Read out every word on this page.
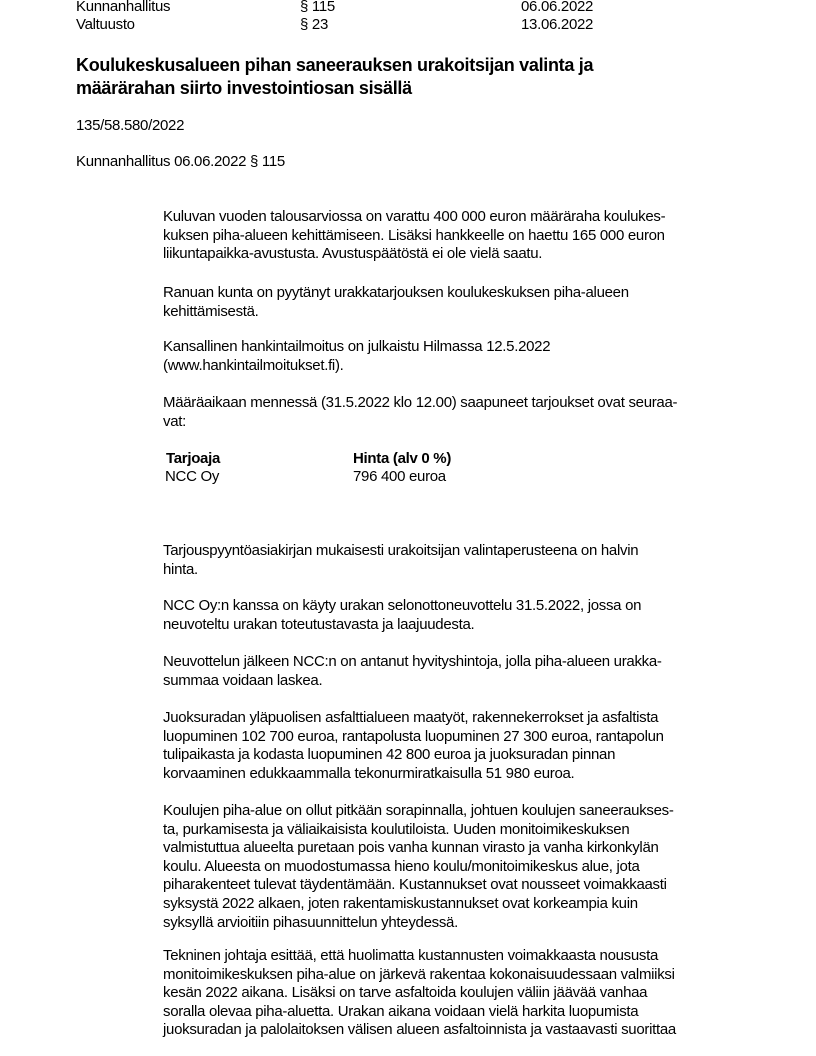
Kunnanhallitus	§ 115	06.06.2022
Valtuusto	§ 23	13.06.2022
Koulukeskusalueen pihan saneerauksen urakoitsijan valinta ja
määrärahan siirto investointiosan sisällä
135/58.580/2022
Kunnanhallitus 06.06.2022 § 115
Kuluvan vuoden talousarviossa on varattu 400 000 euron määräraha koulukes-
kuksen piha-alueen kehittämiseen. Lisäksi hankkeelle on haettu 165 000 euron
liikuntapaikka-avustusta. Avustuspäätöstä ei ole vielä saatu.
Ranuan kunta on pyytänyt urakkatarjouksen koulukeskuksen piha-alueen
kehittämisestä.
Kansallinen hankintailmoitus on julkaistu Hilmassa 12.5.2022
(www.hankintailmoitukset.fi).
Määräaikaan mennessä (31.5.2022 klo 12.00) saapuneet tarjoukset ovat seuraa-
vat:
Tarjoaja	Hinta (alv 0 %)
NCC Oy	796 400 euroa
Tarjouspyyntöasiakirjan mukaisesti urakoitsijan valintaperusteena on halvin
hinta.
NCC Oy:n kanssa on käyty urakan selonottoneuvottelu 31.5.2022, jossa on
neuvoteltu urakan toteutustavasta ja laajuudesta.
Neuvottelun jälkeen NCC:n on antanut hyvityshintoja, jolla piha-alueen urakka-
summaa voidaan laskea.
Juoksuradan yläpuolisen asfalttialueen maatyöt, rakennekerrokset ja asfaltista
luopuminen 102 700 euroa, rantapolusta luopuminen 27 300 euroa, rantapolun
tulipaikasta ja kodasta luopuminen 42 800 euroa ja juoksuradan pinnan
korvaaminen edukkaammalla tekonurmiratkaisulla 51 980 euroa.
Koulujen piha-alue on ollut pitkään sorapinnalla, johtuen koulujen saneeraukses-
ta, purkamisesta ja väliaikaisista koulutiloista. Uuden monitoimikeskuksen
valmistuttua alueelta puretaan pois vanha kunnan virasto ja vanha kirkonkylän
koulu. Alueesta on muodostumassa hieno koulu/monitoimikeskus alue, jota
piharakenteet tulevat täydentämään. Kustannukset ovat nousseet voimakkaasti
syksystä 2022 alkaen, joten rakentamiskustannukset ovat korkeampia kuin
syksyllä arvioitiin pihasuunnittelun yhteydessä.
Tekninen johtaja esittää, että huolimatta kustannusten voimakkaasta noususta
monitoimikeskuksen piha-alue on järkevä rakentaa kokonaisuudessaan valmiiksi
kesän 2022 aikana. Lisäksi on tarve asfaltoida koulujen väliin jäävää vanhaa
soralla olevaa piha-aluetta. Urakan aikana voidaan vielä harkita luopumista
juoksuradan ja palolaitoksen välisen alueen asfaltoinnista ja vastaavasti suorittaa
